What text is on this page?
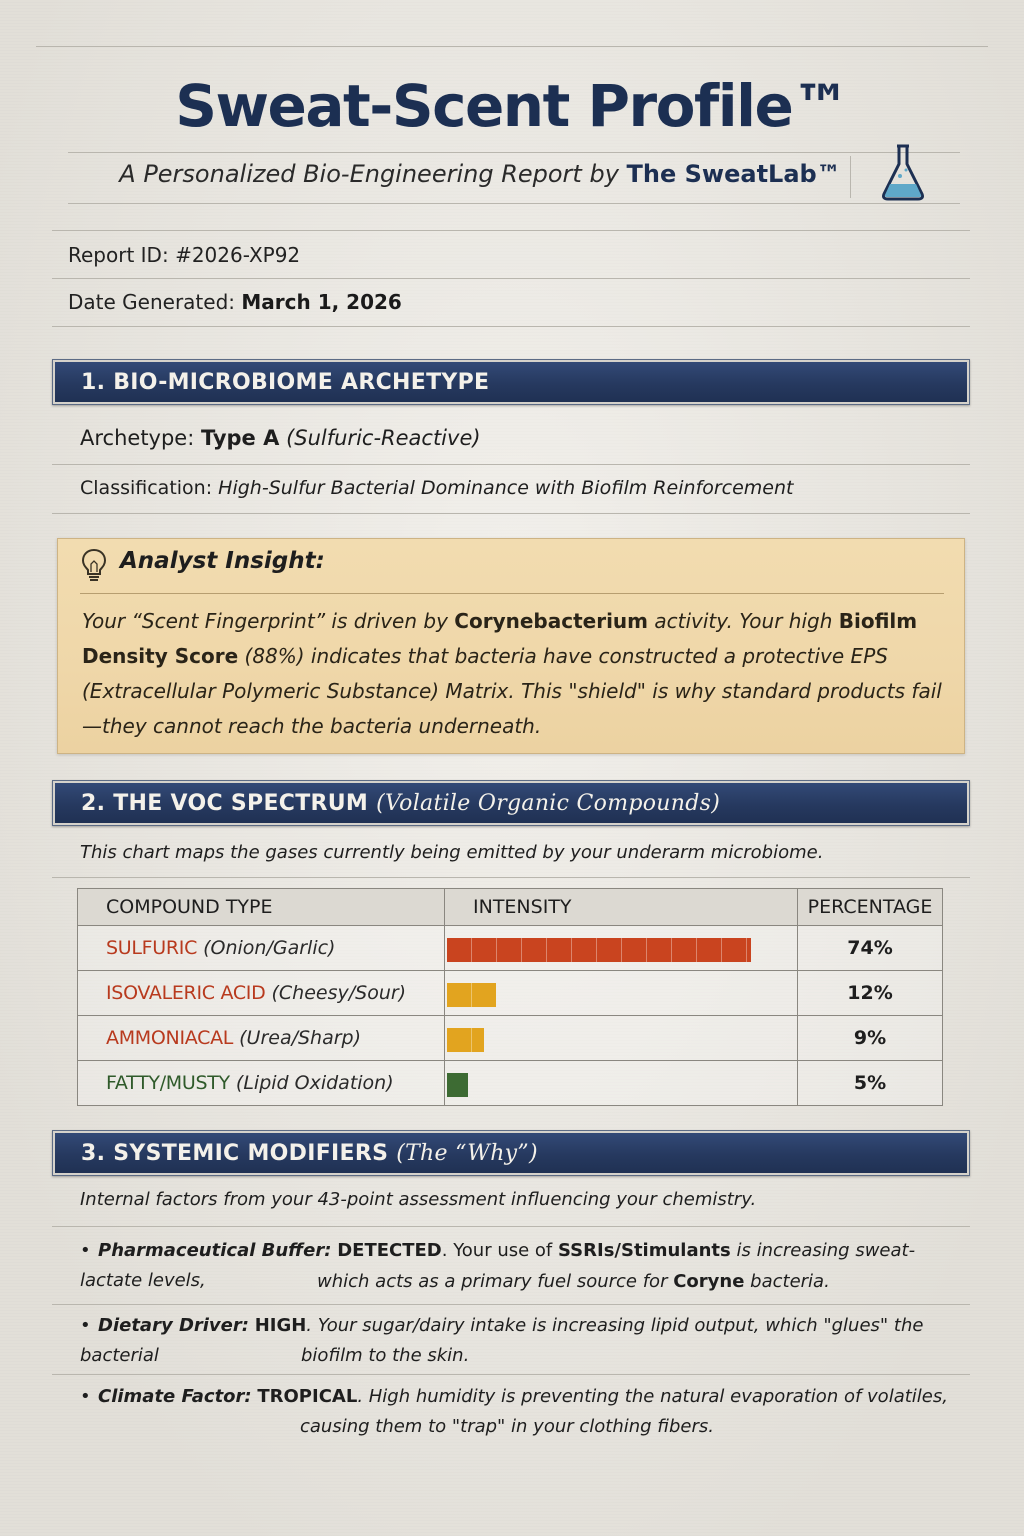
Sweat-Scent Profile™
A Personalized Bio-Engineering Report by The SweatLab™
Report ID: #2026-XP92
Date Generated: March 1, 2026
1. BIO-MICROBIOME ARCHETYPE
Archetype: Type A (Sulfuric-Reactive)
Classification: High-Sulfur Bacterial Dominance with Biofilm Reinforcement
Analyst Insight:
Your “Scent Fingerprint” is driven by Corynebacterium activity. Your high Biofilm Density Score (88%) indicates that bacteria have constructed a protective EPS (Extracellular Polymeric Substance) Matrix. This "shield" is why standard products fail—they cannot reach the bacteria underneath.
2. THE VOC SPECTRUM (Volatile Organic Compounds)
This chart maps the gases currently being emitted by your underarm microbiome.
COMPOUND TYPE	INTENSITY	PERCENTAGE
SULFURIC (Onion/Garlic)		74%
ISOVALERIC ACID (Cheesy/Sour)		12%
AMMONIACAL (Urea/Sharp)		9%
FATTY/MUSTY (Lipid Oxidation)		5%
3. SYSTEMIC MODIFIERS (The “Why”)
Internal factors from your 43-point assessment influencing your chemistry.
• Pharmaceutical Buffer: DETECTED. Your use of SSRIs/Stimulants is increasing sweat-lactate levels,	which acts as a primary fuel source for Coryne bacteria.
• Dietary Driver: HIGH. Your sugar/dairy intake is increasing lipid output, which "glues" the bacterial	biofilm to the skin.
• Climate Factor: TROPICAL. High humidity is preventing the natural evaporation of volatiles,
causing them to "trap" in your clothing fibers.
